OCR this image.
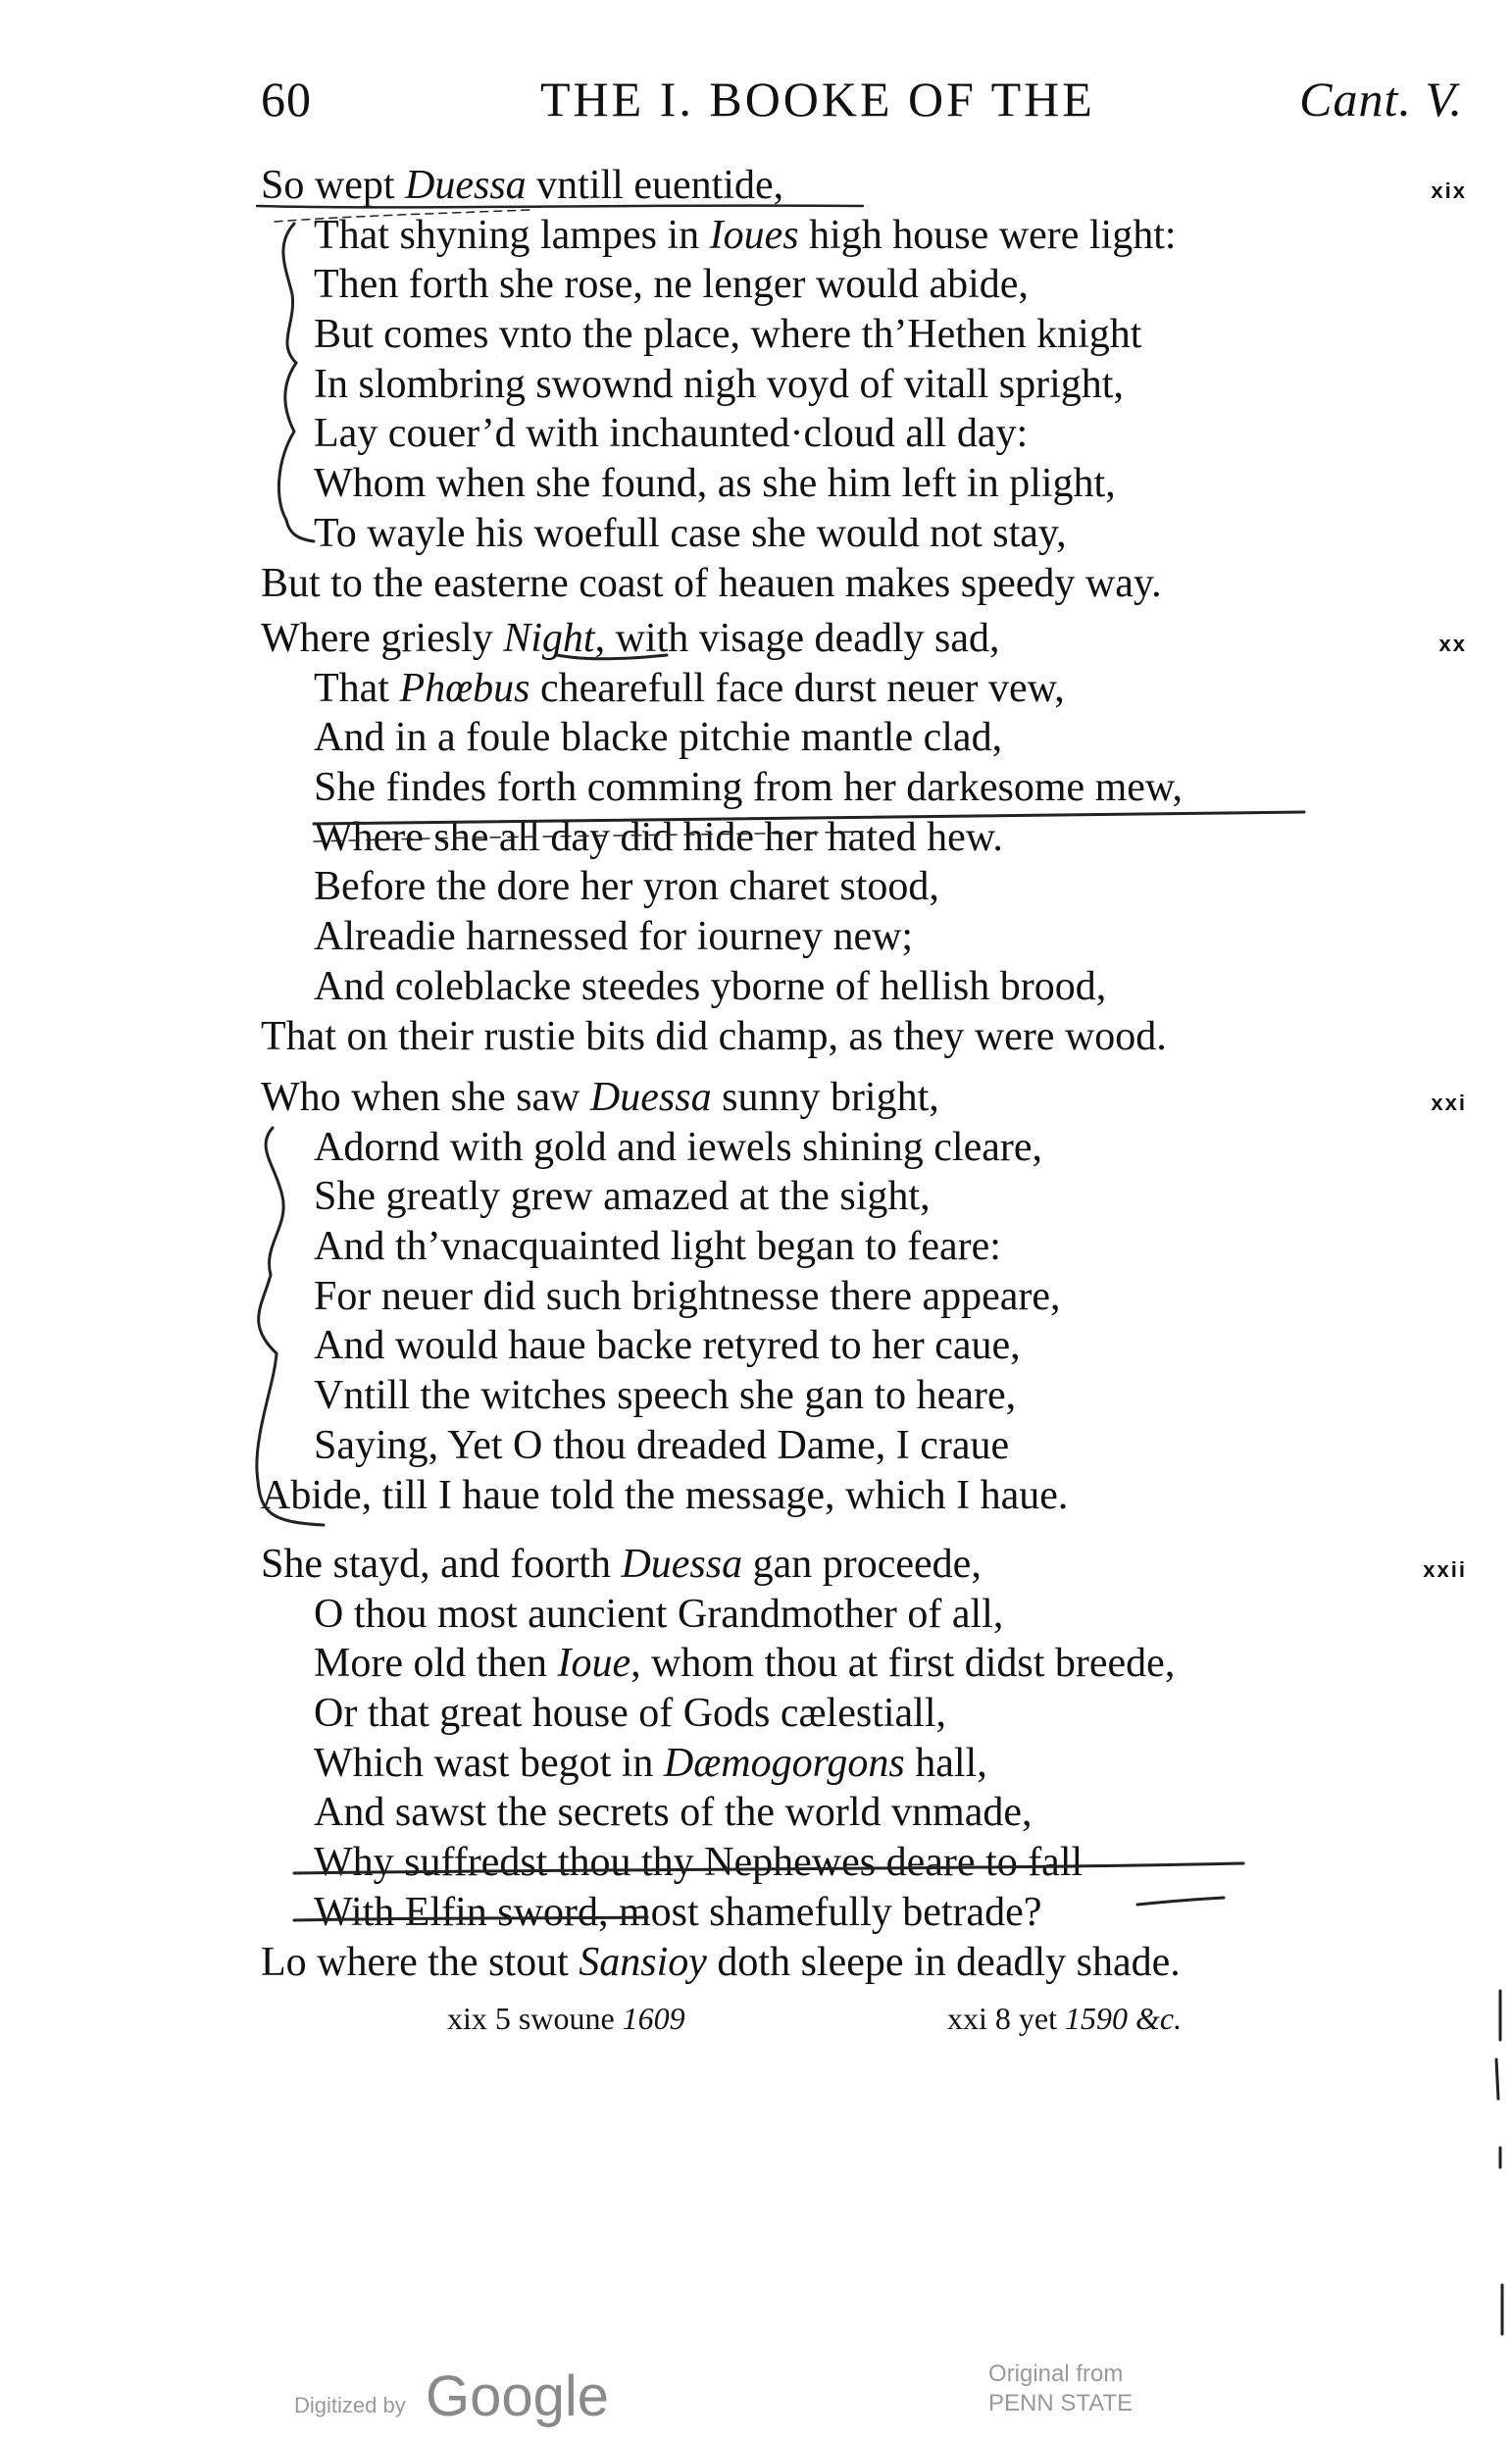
60	THE I. BOOKE OF THE	Cant. V.
So wept Duessa vntill euentide,	xix
That shyning lampes in Ioues high house were light:
Then forth she rose, ne lenger would abide,
But comes vnto the place, where th’Hethen knight
In slombring swownd nigh voyd of vitall spright,
Lay couer’d with inchaunted·cloud all day:
Whom when she found, as she him left in plight,
To wayle his woefull case she would not stay,
But to the easterne coast of heauen makes speedy way.
Where griesly Night, with visage deadly sad,	xx
That Phœbus chearefull face durst neuer vew,
And in a foule blacke pitchie mantle clad,
She findes forth comming from her darkesome mew,
Where she all day did hide her hated hew.
Before the dore her yron charet stood,
Alreadie harnessed for iourney new;
And coleblacke steedes yborne of hellish brood,
That on their rustie bits did champ, as they were wood.
Who when she saw Duessa sunny bright,	xxi
Adornd with gold and iewels shining cleare,
She greatly grew amazed at the sight,
And th’vnacquainted light began to feare:
For neuer did such brightnesse there appeare,
And would haue backe retyred to her caue,
Vntill the witches speech she gan to heare,
Saying, Yet O thou dreaded Dame, I craue
Abide, till I haue told the message, which I haue.
She stayd, and foorth Duessa gan proceede,	xxii
O thou most auncient Grandmother of all,
More old then Ioue, whom thou at first didst breede,
Or that great house of Gods cælestiall,
Which wast begot in Dæmogorgons hall,
And sawst the secrets of the world vnmade,
Why suffredst thou thy Nephewes deare to fall
With Elfin sword, most shamefully betrade?
Lo where the stout Sansioy doth sleepe in deadly shade.
xix 5 swoune 1609	xxi 8 yet 1590 &c.
Digitized by Google	Original from
PENN STATE
